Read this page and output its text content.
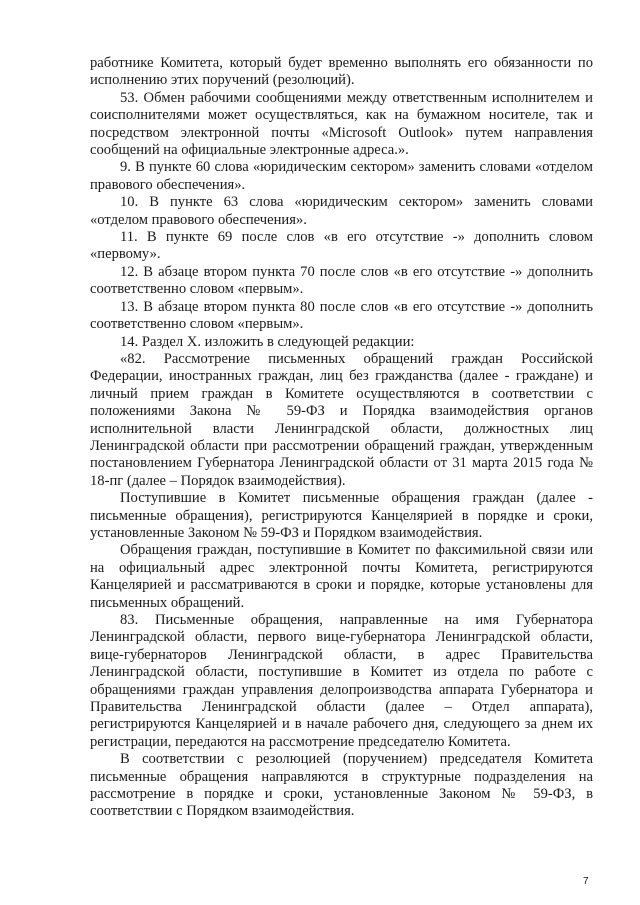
работнике Комитета, который будет временно выполнять его обязанности по исполнению этих поручений (резолюций).

53. Обмен рабочими сообщениями между ответственным исполнителем и соисполнителями может осуществляться, как на бумажном носителе, так и посредством электронной почты «Microsoft Outlook» путем направления сообщений на официальные электронные адреса.».

9. В пункте 60 слова «юридическим сектором» заменить словами «отделом правового обеспечения».

10. В пункте 63 слова «юридическим сектором» заменить словами «отделом правового обеспечения».

11. В пункте 69 после слов «в его отсутствие -» дополнить словом «первому».

12. В абзаце втором пункта 70 после слов «в его отсутствие -» дополнить соответственно словом «первым».

13. В абзаце втором пункта 80 после слов «в его отсутствие -» дополнить соответственно словом «первым».

14. Раздел X. изложить в следующей редакции:

«82. Рассмотрение письменных обращений граждан Российской Федерации, иностранных граждан, лиц без гражданства (далее - граждане) и личный прием граждан в Комитете осуществляются в соответствии с положениями Закона № 59-ФЗ и Порядка взаимодействия органов исполнительной власти Ленинградской области, должностных лиц Ленинградской области при рассмотрении обращений граждан, утвержденным постановлением Губернатора Ленинградской области от 31 марта 2015 года № 18-пг (далее – Порядок взаимодействия).

Поступившие в Комитет письменные обращения граждан (далее - письменные обращения), регистрируются Канцелярией в порядке и сроки, установленные Законом № 59-ФЗ и Порядком взаимодействия.

Обращения граждан, поступившие в Комитет по факсимильной связи или на официальный адрес электронной почты Комитета, регистрируются Канцелярией и рассматриваются в сроки и порядке, которые установлены для письменных обращений.

83. Письменные обращения, направленные на имя Губернатора Ленинградской области, первого вице-губернатора Ленинградской области, вице-губернаторов Ленинградской области, в адрес Правительства Ленинградской области, поступившие в Комитет из отдела по работе с обращениями граждан управления делопроизводства аппарата Губернатора и Правительства Ленинградской области (далее – Отдел аппарата), регистрируются Канцелярией и в начале рабочего дня, следующего за днем их регистрации, передаются на рассмотрение председателю Комитета.

В соответствии с резолюцией (поручением) председателя Комитета письменные обращения направляются в структурные подразделения на рассмотрение в порядке и сроки, установленные Законом № 59-ФЗ, в соответствии с Порядком взаимодействия.

7
